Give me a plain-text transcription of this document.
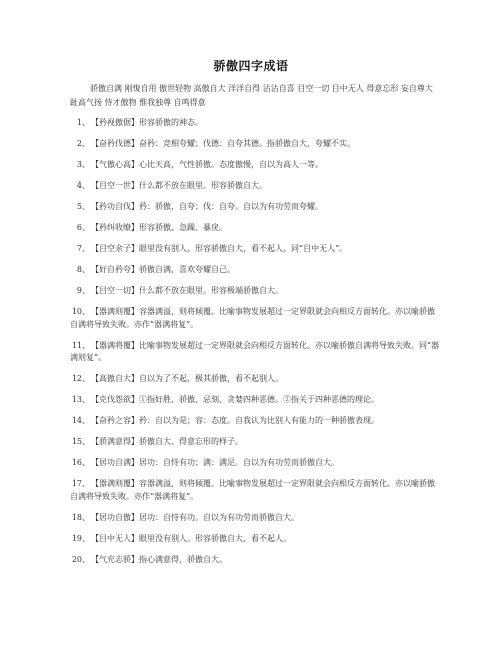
骄傲四字成语
骄傲自满 刚愎自用 傲世轻物 高傲自大 洋洋自得 沾沾自喜 目空一切 目中无人 得意忘形 妄自尊大 趾高气扬 恃才傲物 惟我独尊 自鸣得意
1、【矜视傲倨】形容骄傲的神态。
2、【奋矜伐德】奋矜：竞相夸耀；伐德：自夸其德。指骄傲自大，夸耀不实。
3、【气傲心高】心比天高，气性骄傲。态度傲慢，自以为高人一等。
4、【目空一世】什么都不放在眼里。形容骄傲自大。
5、【矜功自伐】矜：骄傲，自夸；伐：自夸。自以为有功劳而夸耀。
6、【矜纠收缭】形容骄傲、急躁、暴戾。
7、【目空余子】眼里没有别人。形容骄傲自大，看不起人。同“目中无人”。
8、【好自矜夸】骄傲自满，喜欢夸耀自己。
9、【目空一切】什么都不放在眼里。形容极端骄傲自大。
10、【器满则覆】容器满溢，则将倾覆。比喻事物发展超过一定界限就会向相反方面转化。亦以喻骄傲自满将导致失败。亦作“器满将复”。
11、【器满将覆】比喻事物发展超过一定界限就会向相反方面转化。亦以喻骄傲自满将导致失败。同“器满则复”。
12、【高傲自大】自以为了不起，极其骄傲，看不起别人。
13、【克伐怨欲】①指好胜、骄傲、忌刻、贪婪四种恶德。②指关于四种恶德的理论。
14、【奋矜之容】矜：自以为是；容：态度。自我认为比别人有能力的一种骄傲表现。
15、【骄满意得】骄傲自大、得意忘形的样子。
16、【居功自满】居功：自恃有功；满：满足。自以为有功劳而骄傲自大。
17、【器满则覆】容器满溢，则将倾覆。比喻事物发展超过一定界限就会向相反方面转化。亦以喻骄傲自满将导致失败。亦作“器满将复”。
18、【居功自傲】居功：自恃有功。自以为有功劳而骄傲自大。
19、【目中无人】眼里没有别人。形容骄傲自大，看不起人。
20、【气充志骄】指心满意得，骄傲自大。
